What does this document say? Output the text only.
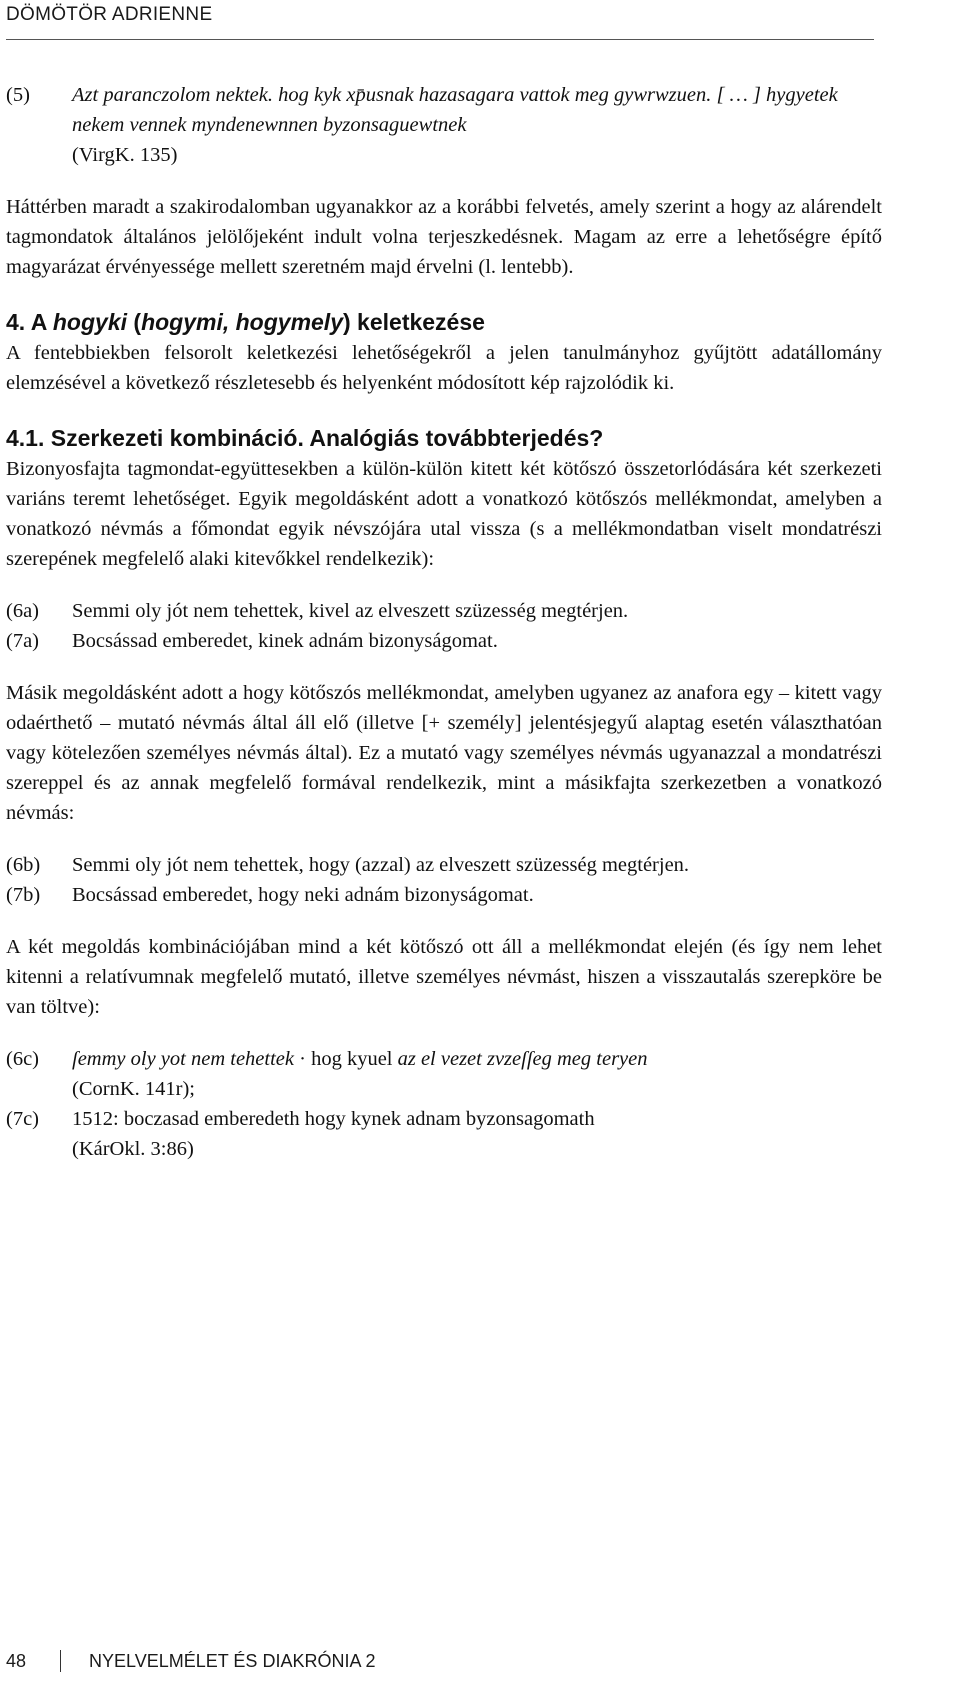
DÖMÖTÖR ADRIENNE
(5)	Azt paranczolom nektek. hog kyk xp̄usnak hazasagara vattok meg gywrwzuen. [ … ] hygyetek nekem vennek myndenewnnen byzonsaguewtnek
(VirgK. 135)

Háttérben maradt a szakirodalomban ugyanakkor az a korábbi felvetés, amely szerint a hogy az alárendelt tagmondatok általános jelölőjeként indult volna terjeszkedésnek. Magam az erre a lehetőségre építő magyarázat érvényessége mellett szeretném majd érvelni (l. lentebb).

4. A hogyki (hogymi, hogymely) keletkezése

A fentebbiekben felsorolt keletkezési lehetőségekről a jelen tanulmányhoz gyűjtött adatállomány elemzésével a következő részletesebb és helyenként módosított kép rajzolódik ki.

4.1. Szerkezeti kombináció. Analógiás továbbterjedés?

Bizonyosfajta tagmondat-együttesekben a külön-külön kitett két kötőszó összetorlódására két szerkezeti variáns teremt lehetőséget. Egyik megoldásként adott a vonatkozó kötőszós mellékmondat, amelyben a vonatkozó névmás a főmondat egyik névszójára utal vissza (s a mellékmondatban viselt mondatrészi szerepének megfelelő alaki kitevőkkel rendelkezik):

(6a)	Semmi oly jót nem tehettek, kivel az elveszett szüzesség megtérjen.
(7a)	Bocsássad emberedet, kinek adnám bizonyságomat.

Másik megoldásként adott a hogy kötőszós mellékmondat, amelyben ugyanez az anafora egy – kitett vagy odaérthető – mutató névmás által áll elő (illetve [+ személy] jelentésjegyű alaptag esetén választhatóan vagy kötelezően személyes névmás által). Ez a mutató vagy személyes névmás ugyanazzal a mondatrészi szereppel és az annak megfelelő formával rendelkezik, mint a másikfajta szerkezetben a vonatkozó névmás:

(6b)	Semmi oly jót nem tehettek, hogy (azzal) az elveszett szüzesség megtérjen.
(7b)	Bocsássad emberedet, hogy neki adnám bizonyságomat.

A két megoldás kombinációjában mind a két kötőszó ott áll a mellékmondat elején (és így nem lehet kitenni a relatívumnak megfelelő mutató, illetve személyes névmást, hiszen a visszautalás szerepköre be van töltve):

(6c)	ſemmy oly yot nem tehettek · hog kyuel az el vezet zvzeſſeg meg teryen
(CornK. 141r);
(7c)	1512: boczasad emberedeth hogy kynek adnam byzonsagomath
(KárOkl. 3:86)
48	NYELVELMÉLET ÉS DIAKRÓNIA 2
